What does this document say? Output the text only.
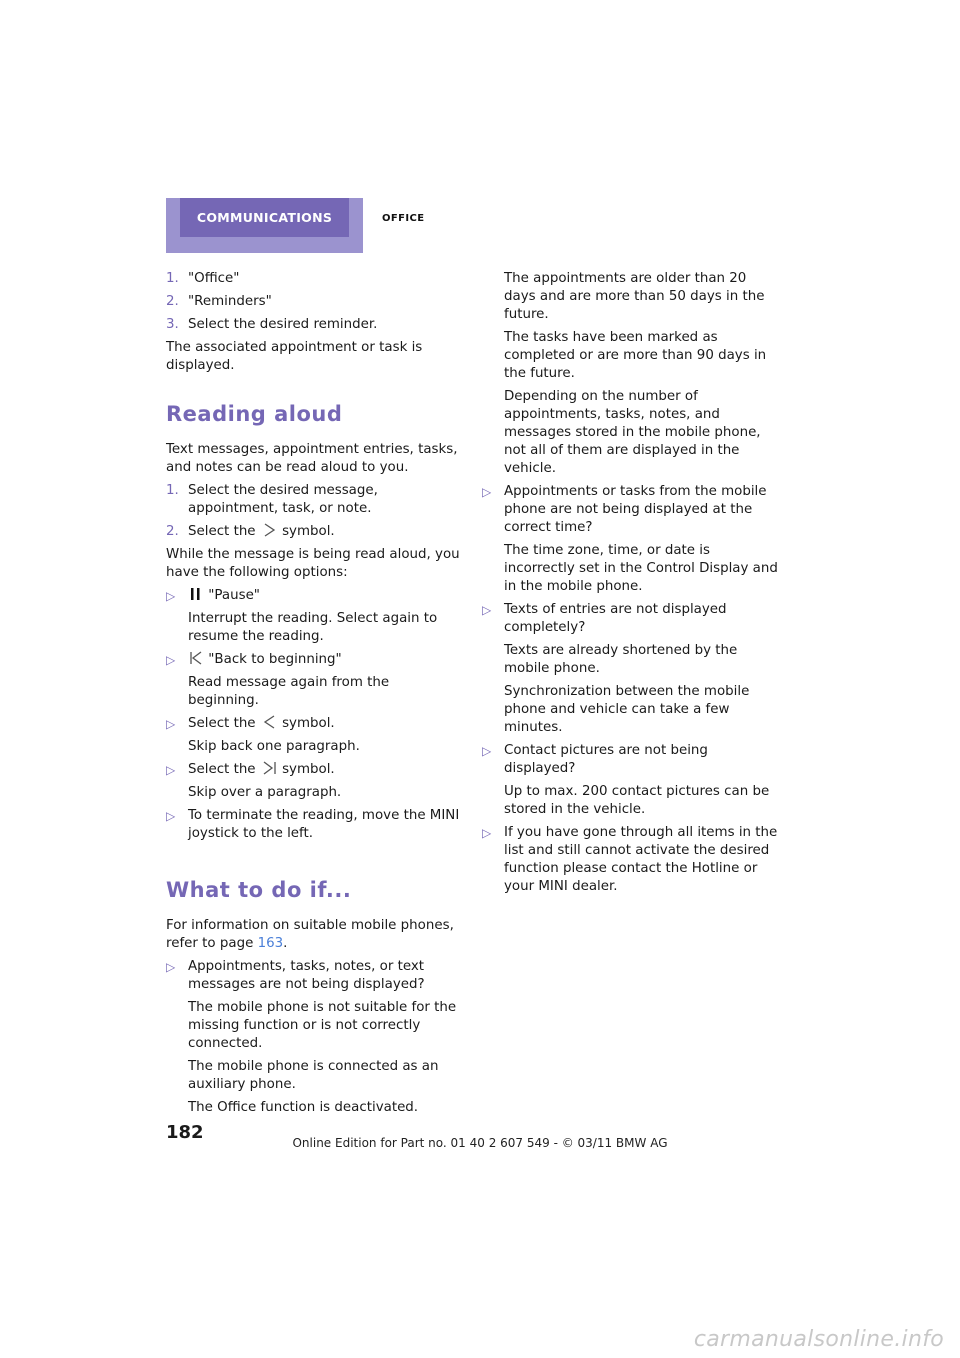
COMMUNICATIONS	OFFICE
1. "Office"
2. "Reminders"
3. Select the desired reminder.

The associated appointment or task is displayed.

Reading aloud

Text messages, appointment entries, tasks, and notes can be read aloud to you.

1. Select the desired message, appointment, task, or note.
2. Select the symbol.

While the message is being read aloud, you have the following options:

▷	"Pause"

Interrupt the reading. Select again to resume the reading.

▷	"Back to beginning"

Read message again from the beginning.

▷ Select the symbol.

Skip back one paragraph.

▷ Select the symbol.

Skip over a paragraph.

▷ To terminate the reading, move the MINI joystick to the left.
What to do if...

For information on suitable mobile phones, refer to page 163.

▷ Appointments, tasks, notes, or text messages are not being displayed?

The mobile phone is not suitable for the missing function or is not correctly connected.

The mobile phone is connected as an auxiliary phone.

The Office function is deactivated.

The appointments are older than 20 days and are more than 50 days in the future.

The tasks have been marked as completed or are more than 90 days in the future.

Depending on the number of appointments, tasks, notes, and messages stored in the mobile phone, not all of them are displayed in the vehicle.

▷ Appointments or tasks from the mobile phone are not being displayed at the correct time?

The time zone, time, or date is incorrectly set in the Control Display and in the mobile phone.

▷ Texts of entries are not displayed completely?

Texts are already shortened by the mobile phone.

Synchronization between the mobile phone and vehicle can take a few minutes.

▷ Contact pictures are not being displayed?

Up to max. 200 contact pictures can be stored in the vehicle.

▷ If you have gone through all items in the list and still cannot activate the desired function please contact the Hotline or your MINI dealer.
182	Online Edition for Part no. 01 40 2 607 549 - © 03/11 BMW AG
carmanualsonline.info
